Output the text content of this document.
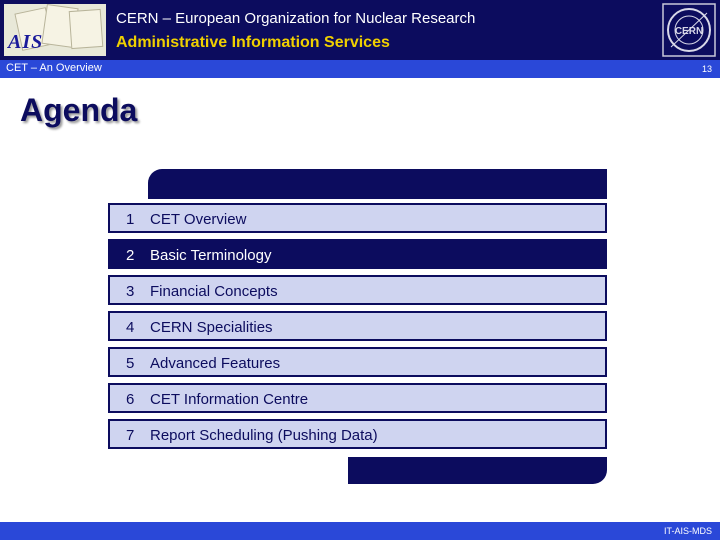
AIS
CERN – European Organization for Nuclear Research
Administrative Information Services
CERN
CET – An Overview	13
Agenda
1 CET Overview
2 Basic Terminology
3 Financial Concepts
4 CERN Specialities
5 Advanced Features
6 CET Information Centre
7 Report Scheduling (Pushing Data)
IT-AIS-MDS
